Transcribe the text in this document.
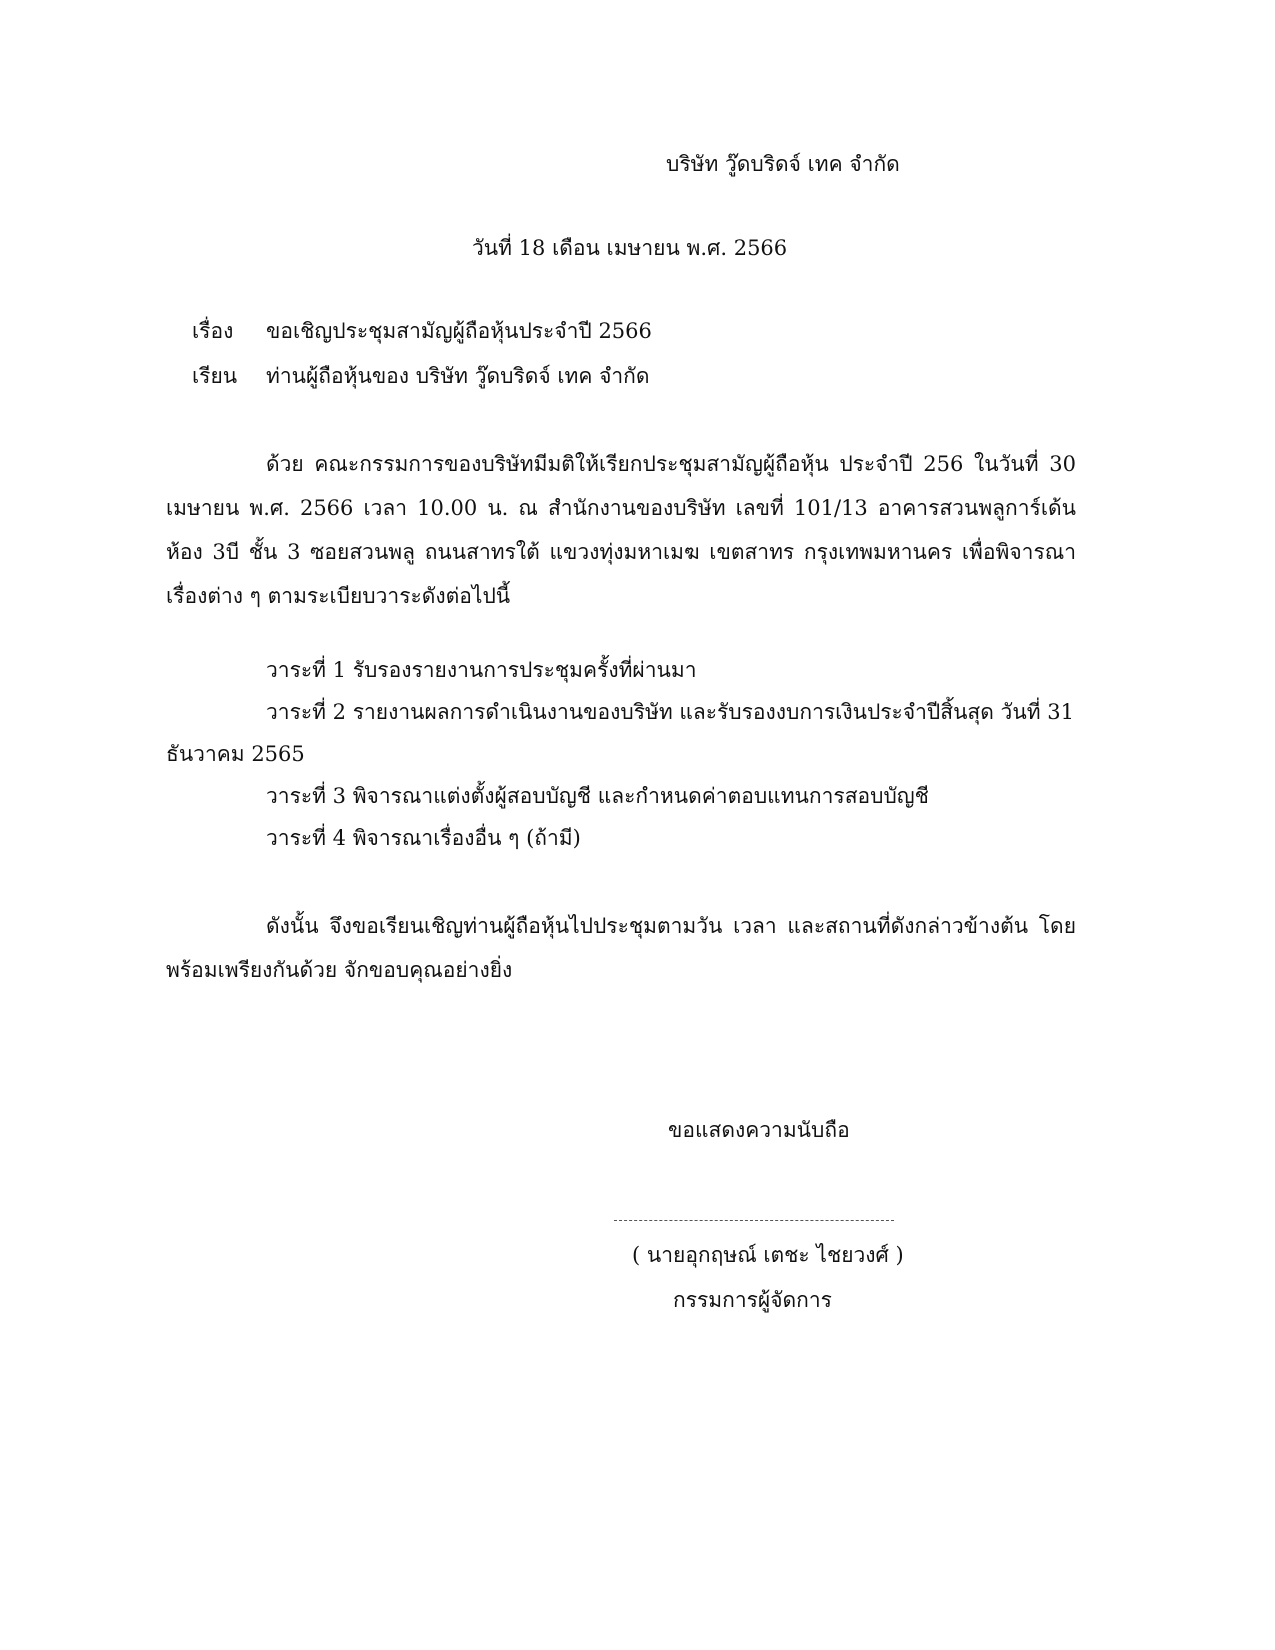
บริษัท วู๊ดบริดจ์ เทค จำกัด
วันที่ 18 เดือน เมษายน พ.ศ. 2566
เรื่อง ขอเชิญประชุมสามัญผู้ถือหุ้นประจำปี 2566
เรียน ท่านผู้ถือหุ้นของ บริษัท วู๊ดบริดจ์ เทค จำกัด
ด้วย คณะกรรมการของบริษัทมีมติให้เรียกประชุมสามัญผู้ถือหุ้น ประจำปี 256 ในวันที่ 30 เมษายน พ.ศ. 2566 เวลา 10.00 น. ณ สำนักงานของบริษัท เลขที่ 101/13 อาคารสวนพลูการ์เด้น ห้อง 3บี ชั้น 3 ซอยสวนพลู ถนนสาทรใต้ แขวงทุ่งมหาเมฆ เขตสาทร กรุงเทพมหานคร เพื่อพิจารณาเรื่องต่าง ๆ ตามระเบียบวาระดังต่อไปนี้
วาระที่ 1 รับรองรายงานการประชุมครั้งที่ผ่านมา
วาระที่ 2 รายงานผลการดำเนินงานของบริษัท และรับรองงบการเงินประจำปีสิ้นสุด วันที่ 31
ธันวาคม 2565
วาระที่ 3 พิจารณาแต่งตั้งผู้สอบบัญชี และกำหนดค่าตอบแทนการสอบบัญชี
วาระที่ 4 พิจารณาเรื่องอื่น ๆ (ถ้ามี)
ดังนั้น จึงขอเรียนเชิญท่านผู้ถือหุ้นไปประชุมตามวัน เวลา และสถานที่ดังกล่าวข้างต้น โดยพร้อมเพรียงกันด้วย จักขอบคุณอย่างยิ่ง
ขอแสดงความนับถือ
( นายอุกฤษณ์ เตชะ ไชยวงศ์ )
กรรมการผู้จัดการ
